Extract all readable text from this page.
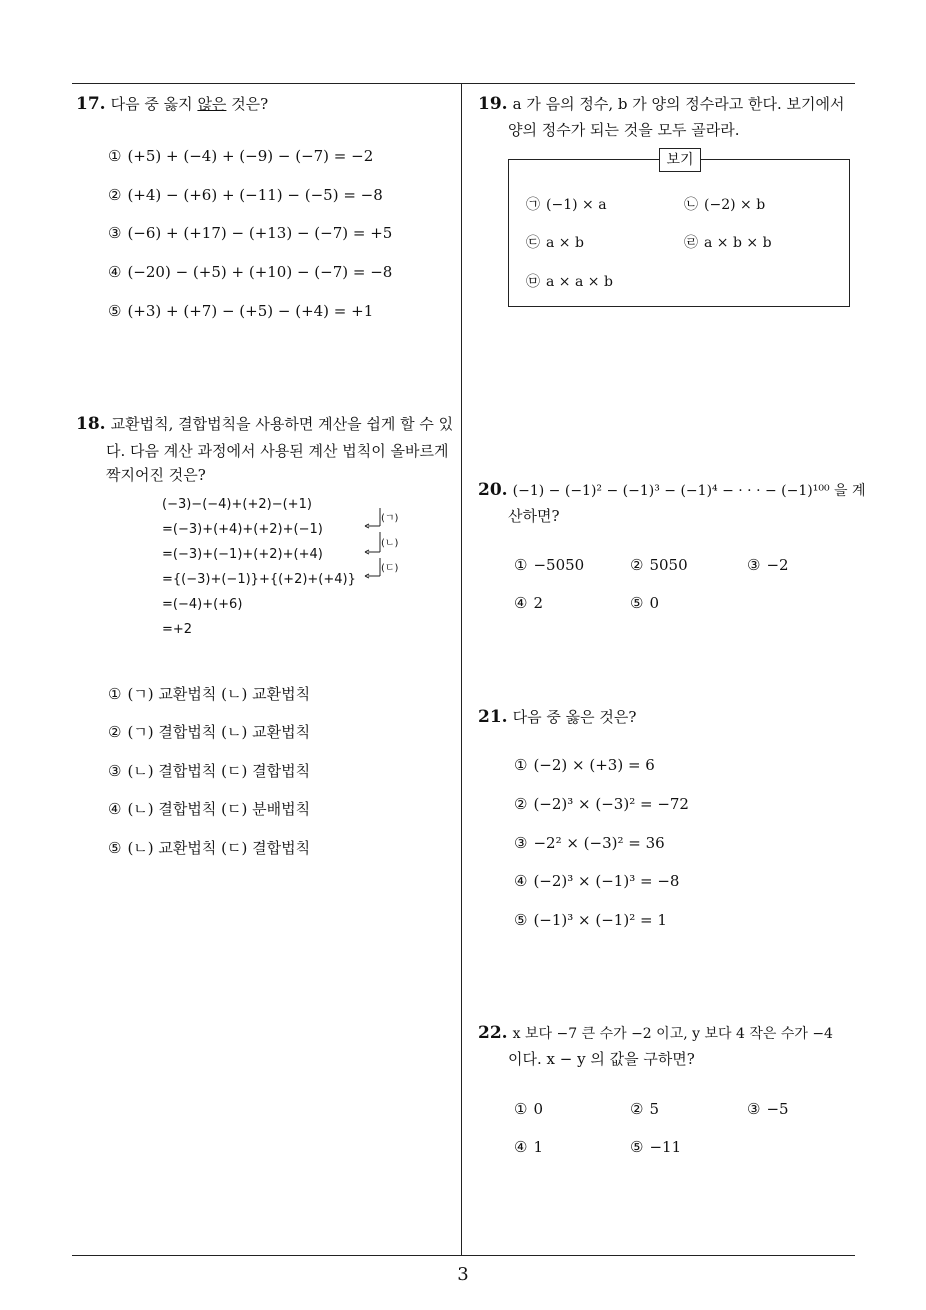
3
17. 다음 중 옳지 않은 것은?
① (+5) + (−4) + (−9) − (−7) = −2
② (+4) − (+6) + (−11) − (−5) = −8
③ (−6) + (+17) − (+13) − (−7) = +5
④ (−20) − (+5) + (+10) − (−7) = −8
⑤ (+3) + (+7) − (+5) − (+4) = +1
18. 교환법칙, 결합법칙을 사용하면 계산을 쉽게 할 수 있
다. 다음 계산 과정에서 사용된 계산 법칙이 올바르게
짝지어진 것은?
(−3)−(−4)+(+2)−(+1)
=(−3)+(+4)+(+2)+(−1)
=(−3)+(−1)+(+2)+(+4)
={(−3)+(−1)}+{(+2)+(+4)}
=(−4)+(+6)
=+2
(ㄱ)
(ㄴ)
(ㄷ)
① (ㄱ) 교환법칙 (ㄴ) 교환법칙
② (ㄱ) 결합법칙 (ㄴ) 교환법칙
③ (ㄴ) 결합법칙 (ㄷ) 결합법칙
④ (ㄴ) 결합법칙 (ㄷ) 분배법칙
⑤ (ㄴ) 교환법칙 (ㄷ) 결합법칙
19. a 가 음의 정수, b 가 양의 정수라고 한다. 보기에서
양의 정수가 되는 것을 모두 골라라.
보기
㉠ (−1) × a	㉡ (−2) × b
㉢ a × b	㉣ a × b × b
㉤ a × a × b
20. (−1) − (−1)² − (−1)³ − (−1)⁴ − · · · − (−1)¹⁰⁰ 을 계
산하면?
① −5050	② 5050	③ −2
④ 2	⑤ 0
21. 다음 중 옳은 것은?
① (−2) × (+3) = 6
② (−2)³ × (−3)² = −72
③ −2² × (−3)² = 36
④ (−2)³ × (−1)³ = −8
⑤ (−1)³ × (−1)² = 1
22. x 보다 −7 큰 수가 −2 이고, y 보다 4 작은 수가 −4
이다. x − y 의 값을 구하면?
① 0	② 5	③ −5
④ 1	⑤ −11
